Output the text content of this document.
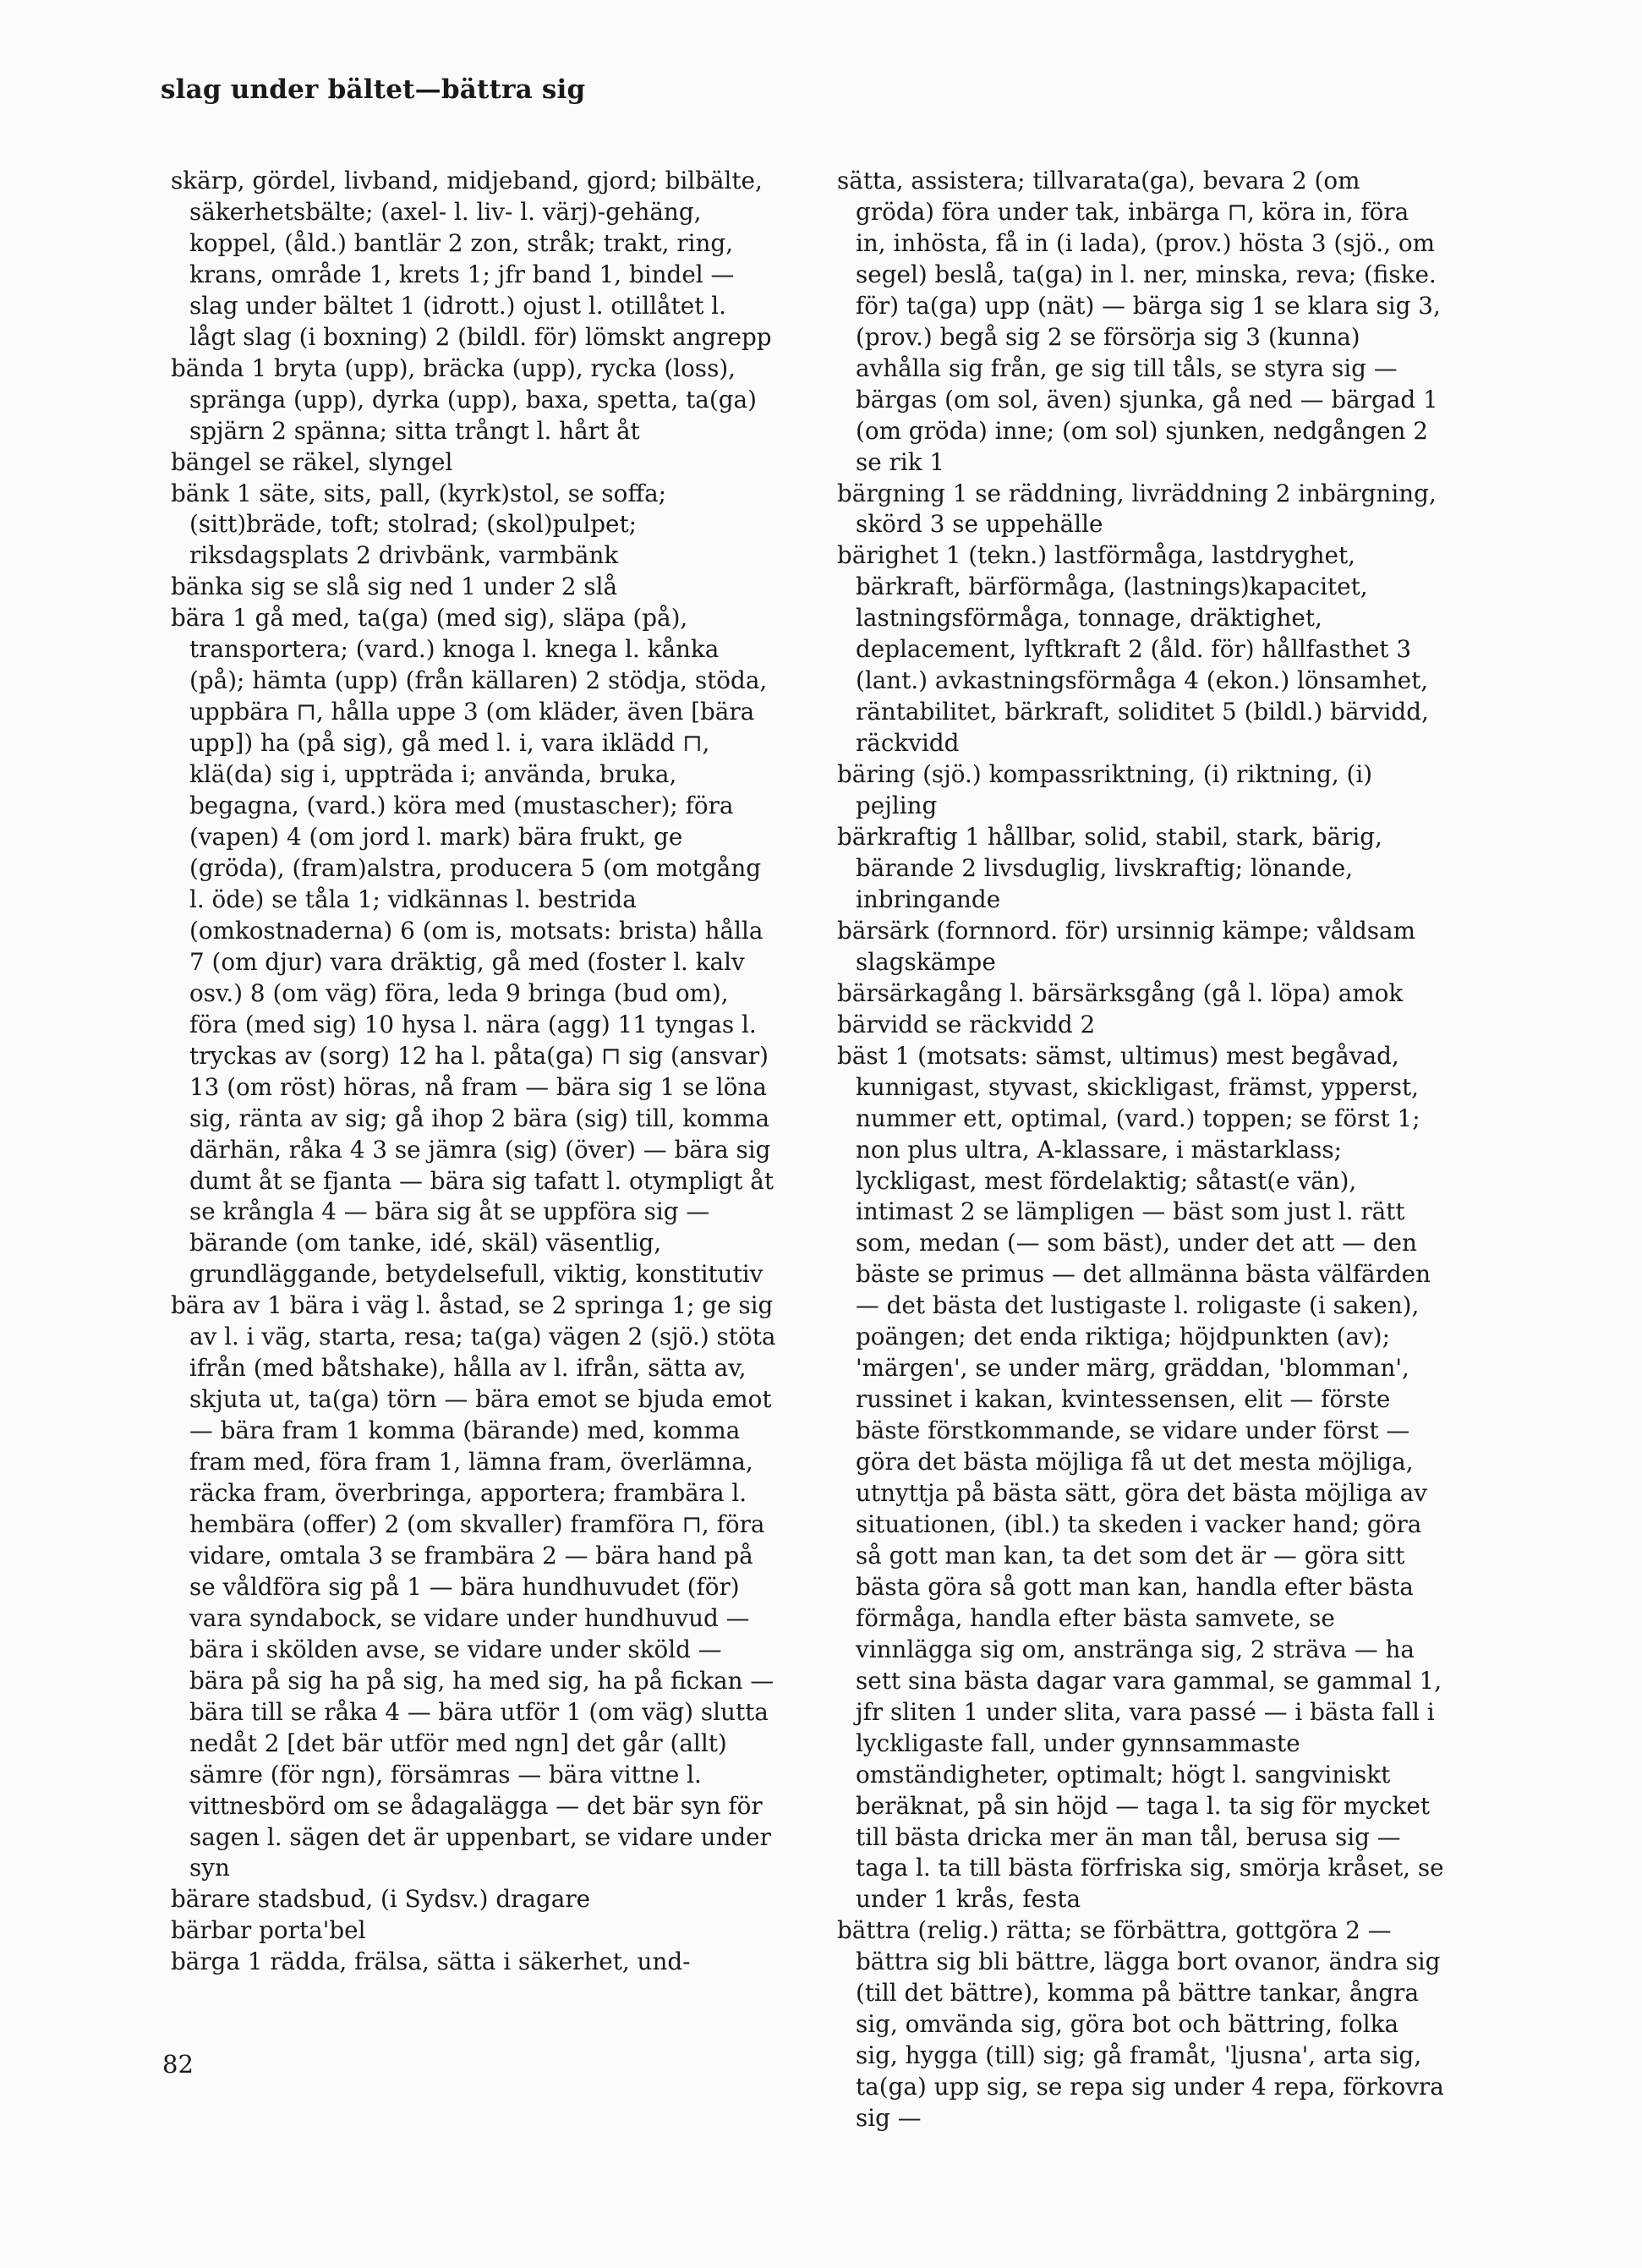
slag under bältet—bättra sig

skärp, gördel, livband, midjeband, gjord; bilbälte, säkerhetsbälte; (axel- l. liv- l. värj)-gehäng, koppel, (åld.) bantlär 2 zon, stråk; trakt, ring, krans, område 1, krets 1; jfr band 1, bindel — slag under bältet 1 (idrott.) ojust l. otillåtet l. lågt slag (i boxning) 2 (bildl. för) lömskt angrepp

bända 1 bryta (upp), bräcka (upp), rycka (loss), spränga (upp), dyrka (upp), baxa, spetta, ta(ga) spjärn 2 spänna; sitta trångt l. hårt åt

bängel se räkel, slyngel

bänk 1 säte, sits, pall, (kyrk)stol, se soffa; (sitt)bräde, toft; stolrad; (skol)pulpet; riksdagsplats 2 drivbänk, varmbänk

bänka sig se slå sig ned 1 under 2 slå

bära 1 gå med, ta(ga) (med sig), släpa (på), transportera; (vard.) knoga l. knega l. kånka (på); hämta (upp) (från källaren) 2 stödja, stöda, uppbära ⊓, hålla uppe 3 (om kläder, även [bära upp]) ha (på sig), gå med l. i, vara iklädd ⊓, klä(da) sig i, uppträda i; använda, bruka, begagna, (vard.) köra med (mustascher); föra (vapen) 4 (om jord l. mark) bära frukt, ge (gröda), (fram)alstra, producera 5 (om motgång l. öde) se tåla 1; vidkännas l. bestrida (omkostnaderna) 6 (om is, motsats: brista) hålla 7 (om djur) vara dräktig, gå med (foster l. kalv osv.) 8 (om väg) föra, leda 9 bringa (bud om), föra (med sig) 10 hysa l. nära (agg) 11 tyngas l. tryckas av (sorg) 12 ha l. påta(ga) ⊓ sig (ansvar) 13 (om röst) höras, nå fram — bära sig 1 se löna sig, ränta av sig; gå ihop 2 bära (sig) till, komma därhän, råka 4 3 se jämra (sig) (över) — bära sig dumt åt se fjanta — bära sig tafatt l. otympligt åt se krångla 4 — bära sig åt se uppföra sig — bärande (om tanke, idé, skäl) väsentlig, grundläggande, betydelsefull, viktig, konstitutiv

bära av 1 bära i väg l. åstad, se 2 springa 1; ge sig av l. i väg, starta, resa; ta(ga) vägen 2 (sjö.) stöta ifrån (med båtshake), hålla av l. ifrån, sätta av, skjuta ut, ta(ga) törn — bära emot se bjuda emot — bära fram 1 komma (bärande) med, komma fram med, föra fram 1, lämna fram, överlämna, räcka fram, överbringa, apportera; frambära l. hembära (offer) 2 (om skvaller) framföra ⊓, föra vidare, omtala 3 se frambära 2 — bära hand på se våldföra sig på 1 — bära hundhuvudet (för) vara syndabock, se vidare under hundhuvud — bära i skölden avse, se vidare under sköld — bära på sig ha på sig, ha med sig, ha på fickan — bära till se råka 4 — bära utför 1 (om väg) slutta nedåt 2 [det bär utför med ngn] det går (allt) sämre (för ngn), försämras — bära vittne l. vittnesbörd om se ådagalägga — det bär syn för sagen l. sägen det är uppenbart, se vidare under syn

bärare stadsbud, (i Sydsv.) dragare

bärbar porta'bel

bärga 1 rädda, frälsa, sätta i säkerhet, und-

sätta, assistera; tillvarata(ga), bevara 2 (om gröda) föra under tak, inbärga ⊓, köra in, föra in, inhösta, få in (i lada), (prov.) hösta 3 (sjö., om segel) beslå, ta(ga) in l. ner, minska, reva; (fiske. för) ta(ga) upp (nät) — bärga sig 1 se klara sig 3, (prov.) begå sig 2 se försörja sig 3 (kunna) avhålla sig från, ge sig till tåls, se styra sig — bärgas (om sol, även) sjunka, gå ned — bärgad 1 (om gröda) inne; (om sol) sjunken, nedgången 2 se rik 1

bärgning 1 se räddning, livräddning 2 inbärgning, skörd 3 se uppehälle

bärighet 1 (tekn.) lastförmåga, lastdryghet, bärkraft, bärförmåga, (lastnings)kapacitet, lastningsförmåga, tonnage, dräktighet, deplacement, lyftkraft 2 (åld. för) hållfasthet 3 (lant.) avkastningsförmåga 4 (ekon.) lönsamhet, räntabilitet, bärkraft, soliditet 5 (bildl.) bärvidd, räckvidd

bäring (sjö.) kompassriktning, (i) riktning, (i) pejling

bärkraftig 1 hållbar, solid, stabil, stark, bärig, bärande 2 livsduglig, livskraftig; lönande, inbringande

bärsärk (fornnord. för) ursinnig kämpe; våldsam slagskämpe

bärsärkagång l. bärsärksgång (gå l. löpa) amok

bärvidd se räckvidd 2

bäst 1 (motsats: sämst, ultimus) mest begåvad, kunnigast, styvast, skickligast, främst, ypperst, nummer ett, optimal, (vard.) toppen; se först 1; non plus ultra, A-klassare, i mästarklass; lyckligast, mest fördelaktig; såtast(e vän), intimast 2 se lämpligen — bäst som just l. rätt som, medan (— som bäst), under det att — den bäste se primus — det allmänna bästa välfärden — det bästa det lustigaste l. roligaste (i saken), poängen; det enda riktiga; höjdpunkten (av); 'märgen', se under märg, gräddan, 'blomman', russinet i kakan, kvintessensen, elit — förste bäste förstkommande, se vidare under först — göra det bästa möjliga få ut det mesta möjliga, utnyttja på bästa sätt, göra det bästa möjliga av situationen, (ibl.) ta skeden i vacker hand; göra så gott man kan, ta det som det är — göra sitt bästa göra så gott man kan, handla efter bästa förmåga, handla efter bästa samvete, se vinnlägga sig om, anstränga sig, 2 sträva — ha sett sina bästa dagar vara gammal, se gammal 1, jfr sliten 1 under slita, vara passé — i bästa fall i lyckligaste fall, under gynnsammaste omständigheter, optimalt; högt l. sangviniskt beräknat, på sin höjd — taga l. ta sig för mycket till bästa dricka mer än man tål, berusa sig — taga l. ta till bästa förfriska sig, smörja kråset, se under 1 krås, festa

bättra (relig.) rätta; se förbättra, gottgöra 2 — bättra sig bli bättre, lägga bort ovanor, ändra sig (till det bättre), komma på bättre tankar, ångra sig, omvända sig, göra bot och bättring, folka sig, hygga (till) sig; gå framåt, 'ljusna', arta sig, ta(ga) upp sig, se repa sig under 4 repa, förkovra sig —

82
